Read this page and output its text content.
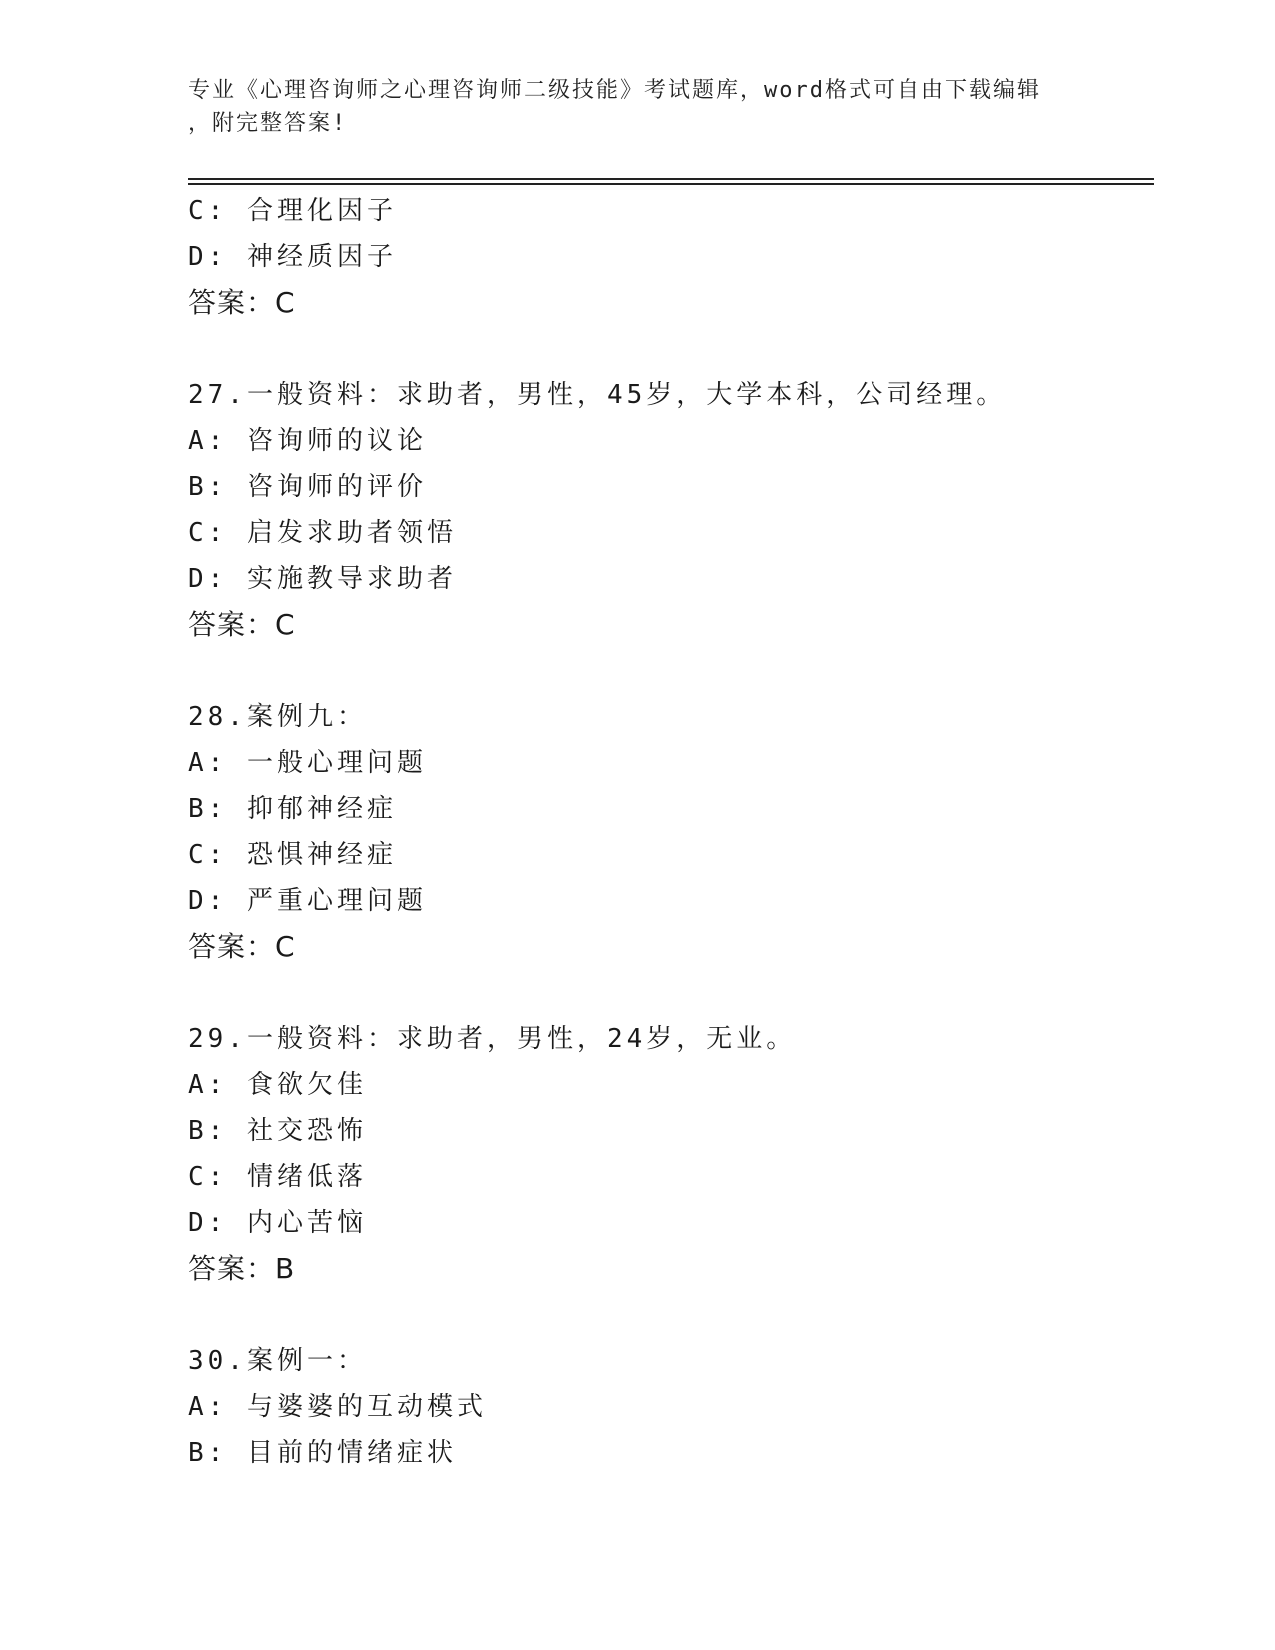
专业《心理咨询师之心理咨询师二级技能》考试题库，word格式可自由下载编辑
，附完整答案!
C: 合理化因子
D: 神经质因子
答案：C
27.一般资料：求助者，男性，45岁，大学本科，公司经理。
A: 咨询师的议论
B: 咨询师的评价
C: 启发求助者领悟
D: 实施教导求助者
答案：C
28.案例九：
A: 一般心理问题
B: 抑郁神经症
C: 恐惧神经症
D: 严重心理问题
答案：C
29.一般资料：求助者，男性，24岁，无业。
A: 食欲欠佳
B: 社交恐怖
C: 情绪低落
D: 内心苦恼
答案：B
30.案例一：
A: 与婆婆的互动模式
B: 目前的情绪症状
